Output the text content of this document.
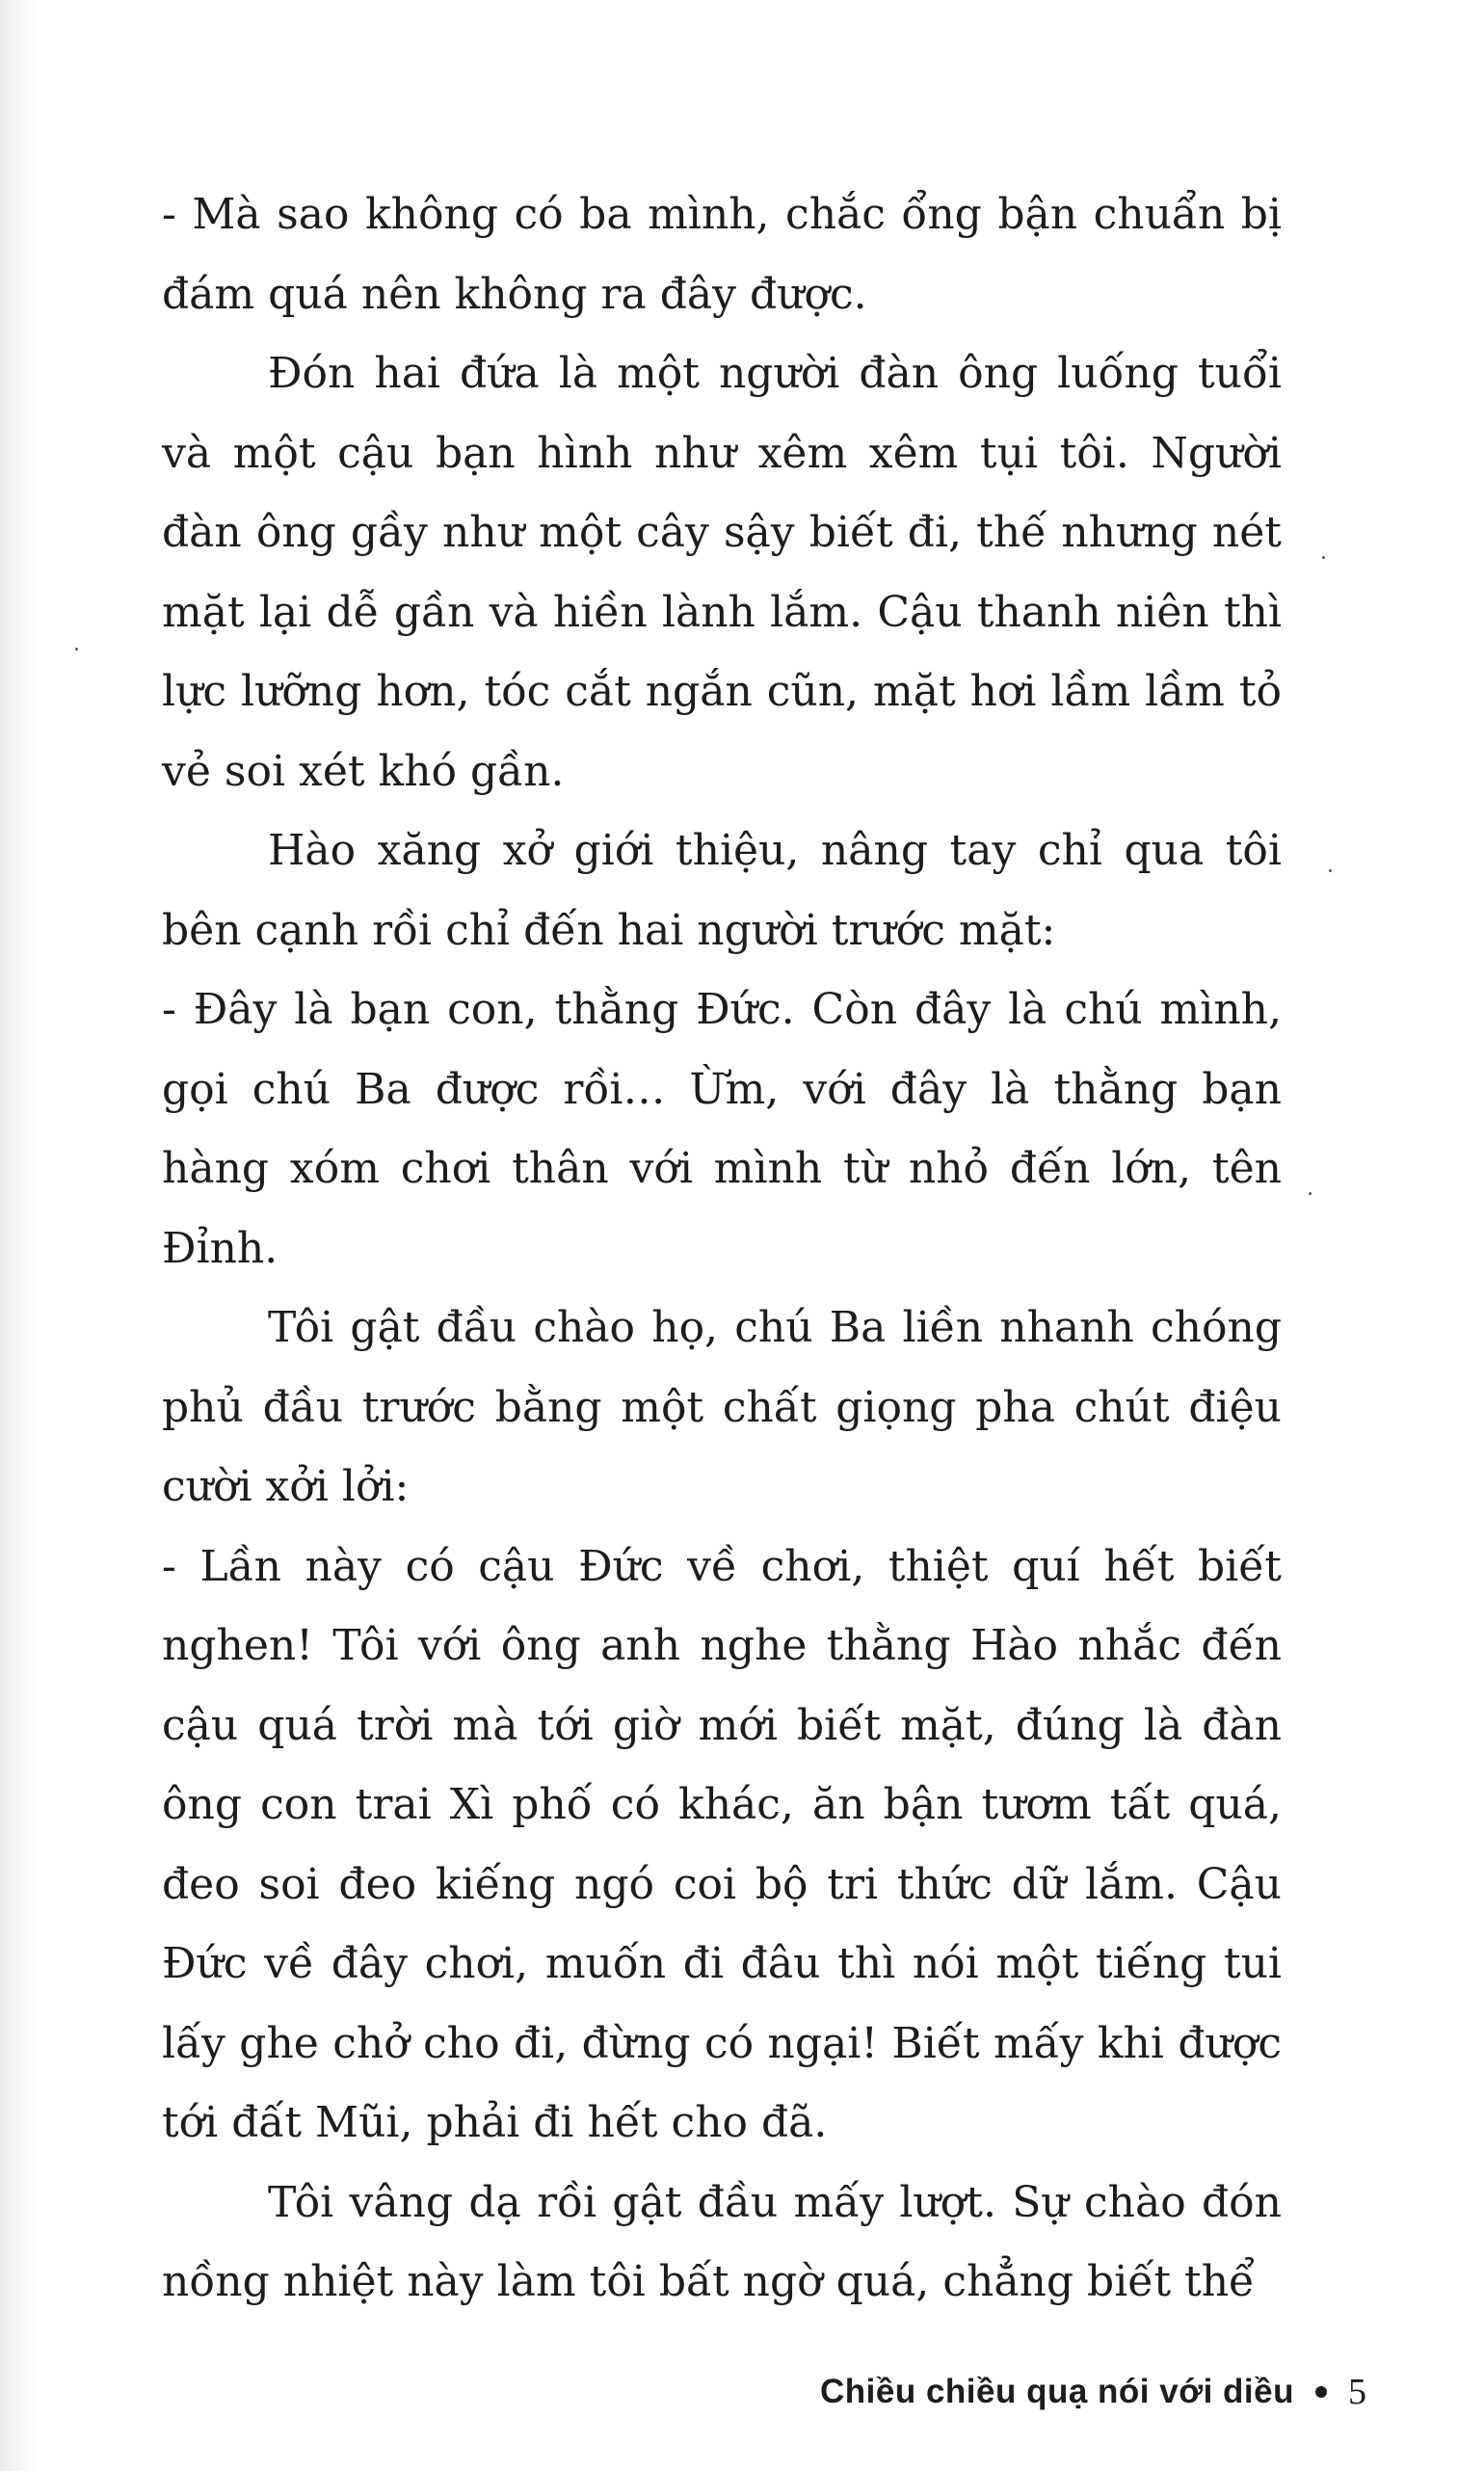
- Mà sao không có ba mình, chắc ổng bận chuẩn bị đám quá nên không ra đây được.

Đón hai đứa là một người đàn ông luống tuổi và một cậu bạn hình như xêm xêm tụi tôi. Người đàn ông gầy như một cây sậy biết đi, thế nhưng nét mặt lại dễ gần và hiền lành lắm. Cậu thanh niên thì lực lưỡng hơn, tóc cắt ngắn cũn, mặt hơi lầm lầm tỏ vẻ soi xét khó gần.

Hào xăng xở giới thiệu, nâng tay chỉ qua tôi bên cạnh rồi chỉ đến hai người trước mặt:

- Đây là bạn con, thằng Đức. Còn đây là chú mình, gọi chú Ba được rồi… Ừm, với đây là thằng bạn hàng xóm chơi thân với mình từ nhỏ đến lớn, tên Đỉnh.

Tôi gật đầu chào họ, chú Ba liền nhanh chóng phủ đầu trước bằng một chất giọng pha chút điệu cười xởi lởi:

- Lần này có cậu Đức về chơi, thiệt quí hết biết nghen! Tôi với ông anh nghe thằng Hào nhắc đến cậu quá trời mà tới giờ mới biết mặt, đúng là đàn ông con trai Xì phố có khác, ăn bận tươm tất quá, đeo soi đeo kiếng ngó coi bộ tri thức dữ lắm. Cậu Đức về đây chơi, muốn đi đâu thì nói một tiếng tui lấy ghe chở cho đi, đừng có ngại! Biết mấy khi được tới đất Mũi, phải đi hết cho đã.

Tôi vâng dạ rồi gật đầu mấy lượt. Sự chào đón nồng nhiệt này làm tôi bất ngờ quá, chẳng biết thể

Chiều chiều quạ nói với diều 5
